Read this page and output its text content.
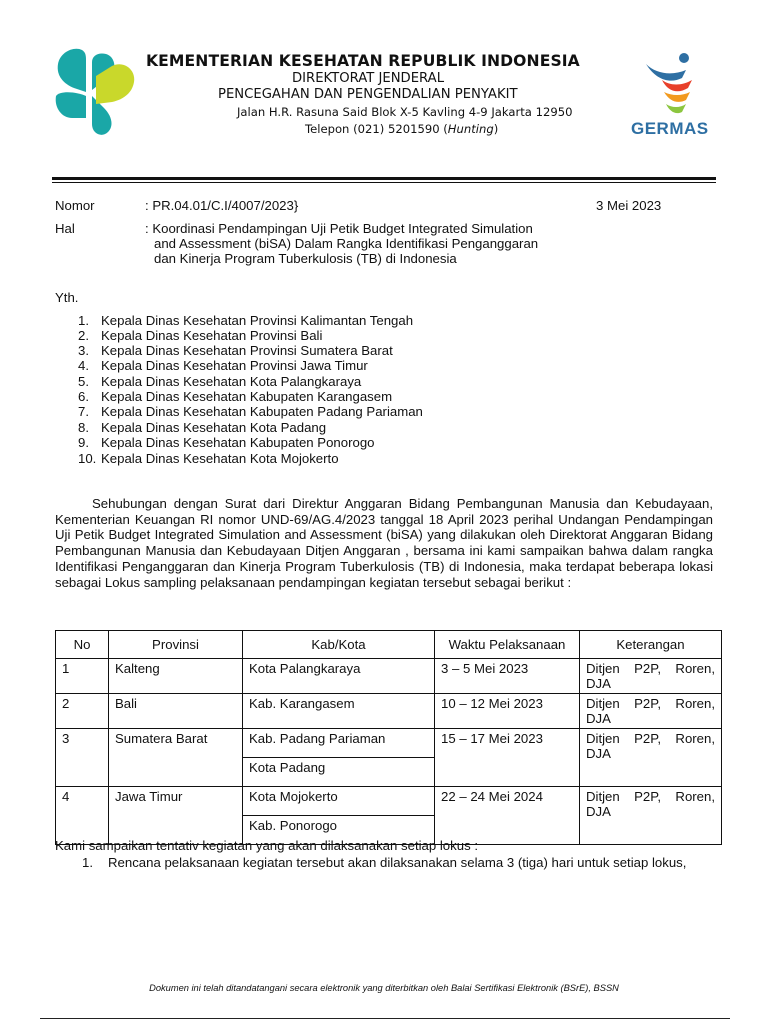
KEMENTERIAN KESEHATAN REPUBLIK INDONESIA
DIREKTORAT JENDERAL
PENCEGAHAN DAN PENGENDALIAN PENYAKIT
Jalan H.R. Rasuna Said Blok X-5 Kavling 4-9 Jakarta 12950
Telepon (021) 5201590 (Hunting)	GERMAS
Nomor	: PR.04.01/C.I/4007/2023}	3 Mei 2023
Hal	: Koordinasi Pendampingan Uji Petik Budget Integrated Simulation
and Assessment (biSA) Dalam Rangka Identifikasi Penganggaran
dan Kinerja Program Tuberkulosis (TB) di Indonesia
Yth.
1. Kepala Dinas Kesehatan Provinsi Kalimantan Tengah
2. Kepala Dinas Kesehatan Provinsi Bali
3. Kepala Dinas Kesehatan Provinsi Sumatera Barat
4. Kepala Dinas Kesehatan Provinsi Jawa Timur
5. Kepala Dinas Kesehatan Kota Palangkaraya
6. Kepala Dinas Kesehatan Kabupaten Karangasem
7. Kepala Dinas Kesehatan Kabupaten Padang Pariaman
8. Kepala Dinas Kesehatan Kota Padang
9. Kepala Dinas Kesehatan Kabupaten Ponorogo
10. Kepala Dinas Kesehatan Kota Mojokerto

Sehubungan dengan Surat dari Direktur Anggaran Bidang Pembangunan Manusia dan Kebudayaan, Kementerian Keuangan RI nomor UND-69/AG.4/2023 tanggal 18 April 2023 perihal Undangan Pendampingan Uji Petik Budget Integrated Simulation and Assessment (biSA) yang dilakukan oleh Direktorat Anggaran Bidang Pembangunan Manusia dan Kebudayaan Ditjen Anggaran , bersama ini kami sampaikan bahwa dalam rangka Identifikasi Penganggaran dan Kinerja Program Tuberkulosis (TB) di Indonesia, maka terdapat beberapa lokasi sebagai Lokus sampling pelaksanaan pendampingan kegiatan tersebut sebagai berikut :

No	Provinsi	Kab/Kota	Waktu Pelaksanaan	Keterangan

1	Kalteng	Kota Palangkaraya	3 – 5 Mei 2023	Ditjen P2P, Roren, DJA

2	Bali	Kab. Karangasem	10 – 12 Mei 2023	Ditjen P2P, Roren, DJA

3	Sumatera Barat	Kab. Padang Pariaman
Kota Padang	15 – 17 Mei 2023	Ditjen P2P, Roren, DJA

4	Jawa Timur	Kota Mojokerto
Kab. Ponorogo	22 – 24 Mei 2024	Ditjen P2P, Roren, DJA
Kami sampaikan tentativ kegiatan yang akan dilaksanakan setiap lokus :
1.	Rencana pelaksanaan kegiatan tersebut akan dilaksanakan selama 3 (tiga) hari untuk setiap lokus,
Dokumen ini telah ditandatangani secara elektronik yang diterbitkan oleh Balai Sertifikasi Elektronik (BSrE), BSSN
